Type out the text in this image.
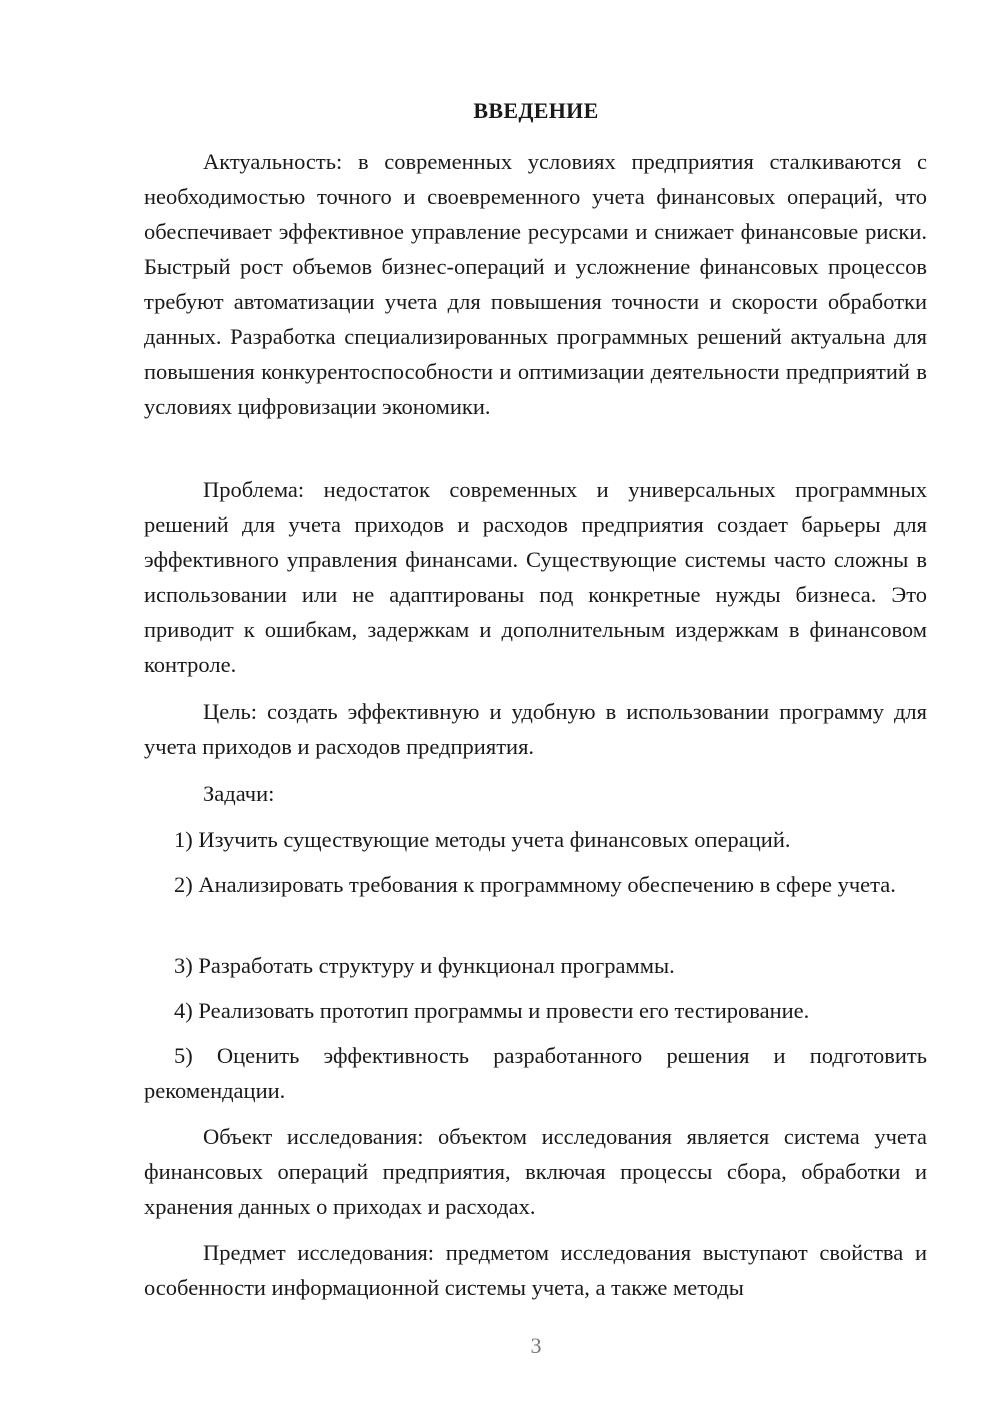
ВВЕДЕНИЕ

Актуальность: в современных условиях предприятия сталкиваются с необходимостью точного и своевременного учета финансовых операций, что обеспечивает эффективное управление ресурсами и снижает финансовые риски. Быстрый рост объемов бизнес-операций и усложнение финансовых процессов требуют автоматизации учета для повышения точности и скорости обработки данных. Разработка специализированных программных решений актуальна для повышения конкурентоспособности и оптимизации деятельности предприятий в условиях цифровизации экономики.

Проблема: недостаток современных и универсальных программных решений для учета приходов и расходов предприятия создает барьеры для эффективного управления финансами. Существующие системы часто сложны в использовании или не адаптированы под конкретные нужды бизнеса. Это приводит к ошибкам, задержкам и дополнительным издержкам в финансовом контроле.

Цель: создать эффективную и удобную в использовании программу для учета приходов и расходов предприятия.

Задачи:

1) Изучить существующие методы учета финансовых операций.

2) Анализировать требования к программному обеспечению в сфере учета.

3) Разработать структуру и функционал программы.

4) Реализовать прототип программы и провести его тестирование.

5) Оценить эффективность разработанного решения и подготовить рекомендации.

Объект исследования: объектом исследования является система учета финансовых операций предприятия, включая процессы сбора, обработки и хранения данных о приходах и расходах.

Предмет исследования: предметом исследования выступают свойства и особенности информационной системы учета, а также методы

3
